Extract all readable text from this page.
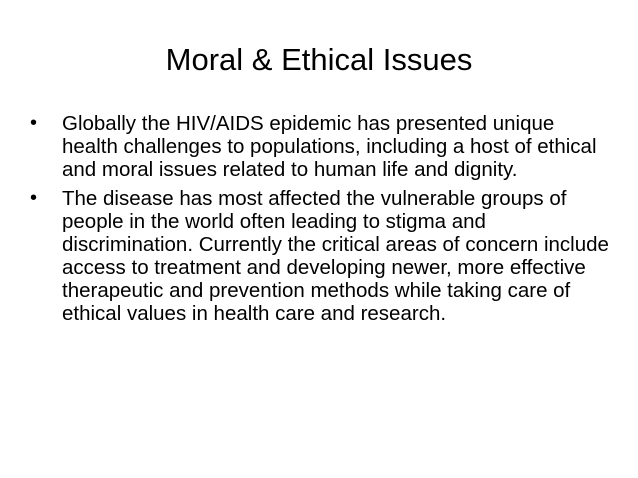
Moral & Ethical Issues
•	Globally the HIV/AIDS epidemic has presented unique health challenges to populations, including a host of ethical and moral issues related to human life and dignity.
•	The disease has most affected the vulnerable groups of people in the world often leading to stigma and discrimination. Currently the critical areas of concern include access to treatment and developing newer, more effective therapeutic and prevention methods while taking care of ethical values in health care and research.
